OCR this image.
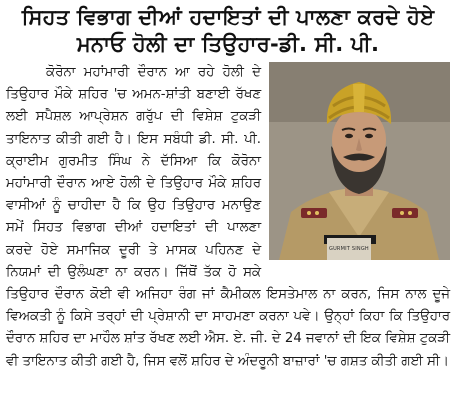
ਸਿਹਤ ਵਿਭਾਗ ਦੀਆਂ ਹਦਾਇਤਾਂ ਦੀ ਪਾਲਣਾ ਕਰਦੇ ਹੋਏ ਮਨਾਓ ਹੋਲੀ ਦਾ ਤਿਉਹਾਰ-ਡੀ. ਸੀ. ਪੀ.
GURMIT SINGH

ਕੋਰੋਨਾ ਮਹਾਂਮਾਰੀ ਦੌਰਾਨ ਆ ਰਹੇ ਹੋਲੀ ਦੇ ਤਿਉਹਾਰ ਮੌਕੇ ਸ਼ਹਿਰ 'ਚ ਅਮਨ-ਸ਼ਾਂਤੀ ਬਣਾਈ ਰੱਖਣ ਲਈ ਸਪੈਸ਼ਲ ਆਪ੍ਰੇਸ਼ਨ ਗਰੁੱਪ ਦੀ ਵਿਸ਼ੇਸ਼ ਟੁਕੜੀ ਤਾਇਨਾਤ ਕੀਤੀ ਗਈ ਹੈ। ਇਸ ਸਬੰਧੀ ਡੀ. ਸੀ. ਪੀ. ਕ੍ਰਾਈਮ ਗੁਰਮੀਤ ਸਿੰਘ ਨੇ ਦੱਸਿਆ ਕਿ ਕੋਰੋਨਾ ਮਹਾਂਮਾਰੀ ਦੌਰਾਨ ਆਏ ਹੋਲੀ ਦੇ ਤਿਉਹਾਰ ਮੌਕੇ ਸ਼ਹਿਰ ਵਾਸੀਆਂ ਨੂੰ ਚਾਹੀਦਾ ਹੈ ਕਿ ਉਹ ਤਿਉਹਾਰ ਮਨਾਉਣ ਸਮੇਂ ਸਿਹਤ ਵਿਭਾਗ ਦੀਆਂ ਹਦਾਇਤਾਂ ਦੀ ਪਾਲਣਾ ਕਰਦੇ ਹੋਏ ਸਮਾਜਿਕ ਦੂਰੀ ਤੇ ਮਾਸਕ ਪਹਿਨਣ ਦੇ ਨਿਯਮਾਂ ਦੀ ਉਲੰਘਣਾ ਨਾ ਕਰਨ। ਜਿੱਥੋਂ ਤੱਕ ਹੋ ਸਕੇ ਤਿਉਹਾਰ ਦੌਰਾਨ ਕੋਈ ਵੀ ਅਜਿਹਾ ਰੰਗ ਜਾਂ ਕੈਮੀਕਲ ਇਸਤੇਮਾਲ ਨਾ ਕਰਨ, ਜਿਸ ਨਾਲ ਦੂਜੇ ਵਿਅਕਤੀ ਨੂੰ ਕਿਸੇ ਤਰ੍ਹਾਂ ਦੀ ਪ੍ਰੇਸ਼ਾਨੀ ਦਾ ਸਾਹਮਣਾ ਕਰਨਾ ਪਵੇ। ਉਨ੍ਹਾਂ ਕਿਹਾ ਕਿ ਤਿਉਹਾਰ ਦੌਰਾਨ ਸ਼ਹਿਰ ਦਾ ਮਾਹੌਲ ਸ਼ਾਂਤ ਰੱਖਣ ਲਈ ਐਸ. ਏ. ਜੀ. ਦੇ 24 ਜਵਾਨਾਂ ਦੀ ਇਕ ਵਿਸ਼ੇਸ਼ ਟੁਕੜੀ ਵੀ ਤਾਇਨਾਤ ਕੀਤੀ ਗਈ ਹੈ, ਜਿਸ ਵਲੋਂ ਸ਼ਹਿਰ ਦੇ ਅੰਦਰੂਨੀ ਬਾਜ਼ਾਰਾਂ 'ਚ ਗਸ਼ਤ ਕੀਤੀ ਗਈ ਸੀ।
